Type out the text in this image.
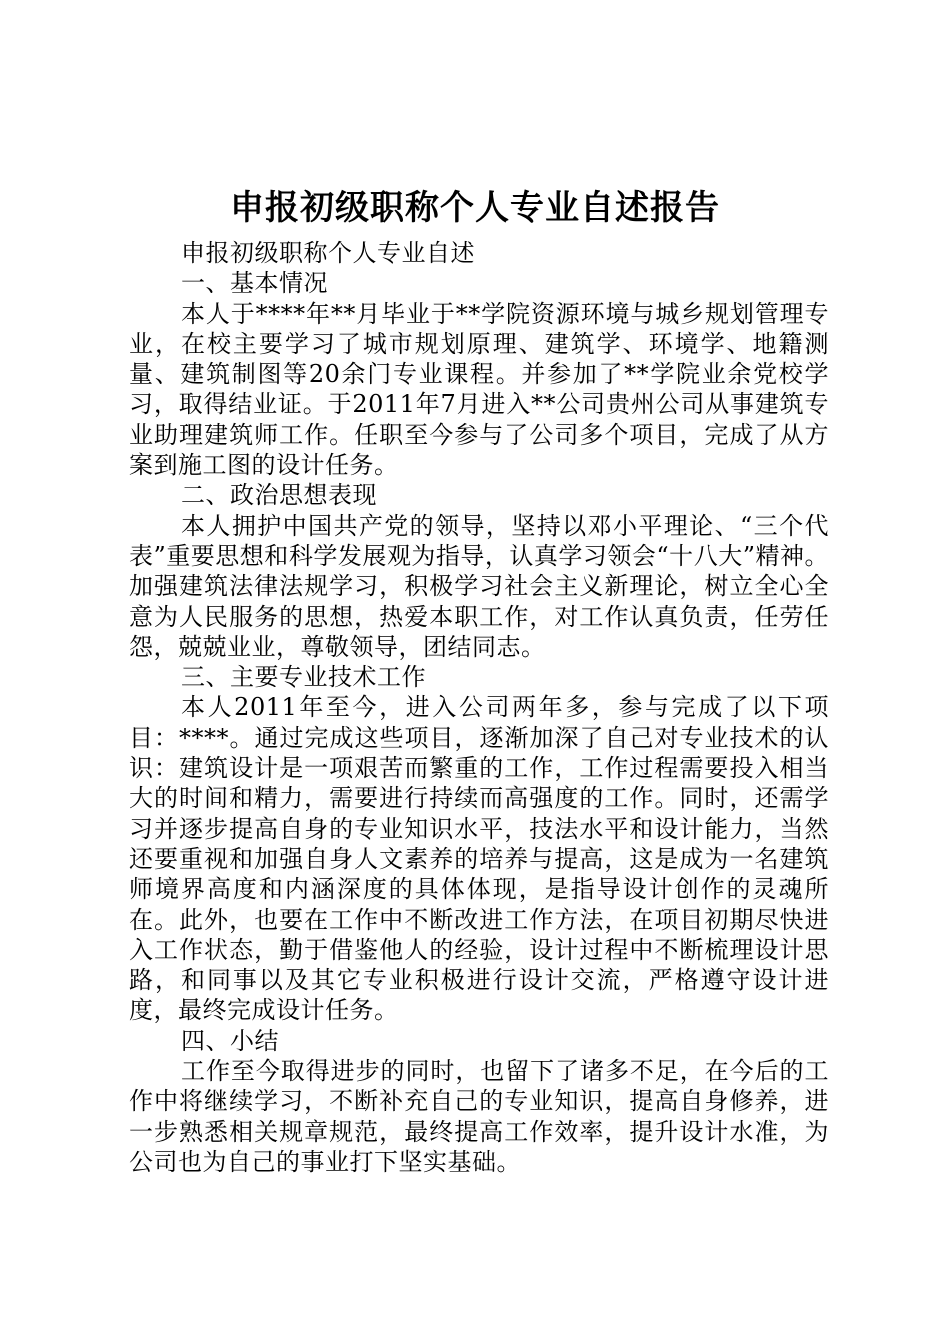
申报初级职称个人专业自述报告

申报初级职称个人专业自述

一、基本情况

本人于****年**月毕业于**学院资源环境与城乡规划管理专业，在校主要学习了城市规划原理、建筑学、环境学、地籍测量、建筑制图等20余门专业课程。并参加了**学院业余党校学习，取得结业证。于2011年7月进入**公司贵州公司从事建筑专业助理建筑师工作。任职至今参与了公司多个项目，完成了从方案到施工图的设计任务。

二、政治思想表现

本人拥护中国共产党的领导，坚持以邓小平理论、“三个代表”重要思想和科学发展观为指导，认真学习领会“十八大”精神。加强建筑法律法规学习，积极学习社会主义新理论，树立全心全意为人民服务的思想，热爱本职工作，对工作认真负责，任劳任怨，兢兢业业，尊敬领导，团结同志。

三、主要专业技术工作

本人2011年至今，进入公司两年多，参与完成了以下项目：****。通过完成这些项目，逐渐加深了自己对专业技术的认识：建筑设计是一项艰苦而繁重的工作，工作过程需要投入相当大的时间和精力，需要进行持续而高强度的工作。同时，还需学习并逐步提高自身的专业知识水平，技法水平和设计能力，当然还要重视和加强自身人文素养的培养与提高，这是成为一名建筑师境界高度和内涵深度的具体体现，是指导设计创作的灵魂所在。此外，也要在工作中不断改进工作方法，在项目初期尽快进入工作状态，勤于借鉴他人的经验，设计过程中不断梳理设计思路，和同事以及其它专业积极进行设计交流，严格遵守设计进度，最终完成设计任务。

四、小结

工作至今取得进步的同时，也留下了诸多不足，在今后的工作中将继续学习，不断补充自己的专业知识，提高自身修养，进一步熟悉相关规章规范，最终提高工作效率，提升设计水准，为公司也为自己的事业打下坚实基础。
